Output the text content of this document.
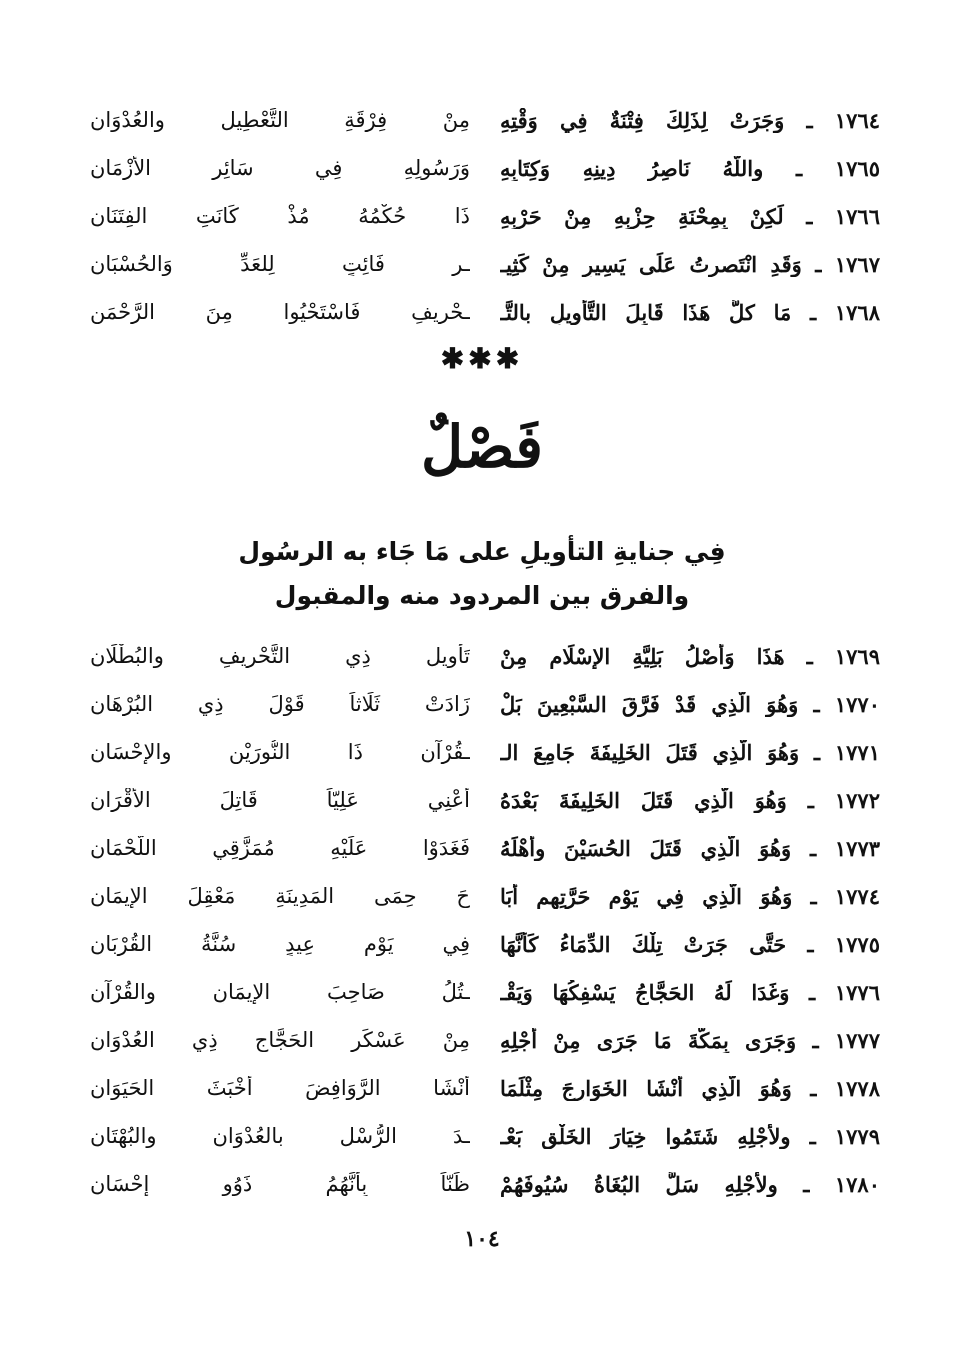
١٧٦٤ ـ وَجَرَتْ لِذَلِكَ فِتْنَةٌ فِي وَقْتِهِ
مِنْ فِرْقَةِ التَّعْطِيلِ والعُدْوَانِ
١٧٦٥ ـ واللَّهُ نَاصِرُ دِينِهِ وَكِتَابِهِ
وَرَسُولِهِ فِي سَائِرِ الأَزْمَانِ
١٧٦٦ ـ لَكِنْ بِمِحْنَةِ حِزْبِهِ مِنْ حَرْبِهِ
ذَا حُكْمُهُ مُذْ كَانَتِ الفِتَنَانِ
١٧٦٧ ـ وَقَدِ انْتَصرتُ عَلَى يَسِيرٍ مِنْ كَثِيـ
ـرِ فَائِتٍ لِلعَدِّ وَالحُسْبَانِ
١٧٦٨ ـ مَا كلُّ هَذَا قَابِلَ التَّأْوِيلِ بالتَّـ
ـحْرِيفِ فَاسْتَحْيُوا مِنَ الرَّحْمَنِ
✱✱✱
فَصْلٌ
فِي جنايةِ التأويلِ على مَا جَاء به الرسُول
والفرق بين المردود منه والمقبول
١٧٦٩ ـ هَذَا وَأَصْلُ بَلِيَّةِ الإِسْلَامِ مِنْ
تَأْوِيلِ ذِي التَّحْرِيفِ والبُطْلَانِ
١٧٧٠ ـ وَهُوَ الَّذِي قَدْ فَرَّقَ السَّبْعِينَ بَلْ
زَادَتْ ثَلَاثاً قَوْلَ ذِي البُرْهَانِ
١٧٧١ ـ وَهُوَ الَّذِي قَتَلَ الخَلِيفَةَ جَامِعَ الـ
ـقُرْآنِ ذَا النُّورَيْنِ والإِحْسَانِ
١٧٧٢ ـ وَهُوَ الَّذِي قَتَلَ الخَلِيفَةَ بَعْدَهُ
أَعْنِي عَلِيّاً قَاتِلَ الأَقْرَانِ
١٧٧٣ ـ وَهُوَ الَّذِي قَتَلَ الحُسَيْنَ وأَهْلَهُ
فَغَدَوْا عَلَيْهِ مُمَزَّقِي اللُّحْمَانِ
١٧٧٤ ـ وَهُوَ الَّذِي فِي يَوْمِ حَرَّتِهِم أَبَا
حَ حِمَى المَدِينَةِ مَعْقِلَ الإِيمَانِ
١٧٧٥ ـ حَتَّى جَرَتْ تِلْكَ الدِّمَاءُ كَأَنَّهَا
فِي يَوْمِ عِيدٍ سُنَّةُ القُرْبَانِ
١٧٧٦ ـ وَغَدَا لَهُ الحَجَّاجُ يَسْفِكُهَا وَيَقْـ
ـتُلُ صَاحِبَ الإِيمَانِ والقُرْآنِ
١٧٧٧ ـ وَجَرَى بِمَكَّةَ مَا جَرَى مِنْ أَجْلِهِ
مِنْ عَسْكَرِ الحَجَّاجِ ذِي العُدْوَانِ
١٧٧٨ ـ وَهُوَ الَّذِي أَنْشَا الخَوَارِجَ مِثْلَمَا
أَنْشَا الرَّوَافِضَ أَخْبَثَ الحَيَوَانِ
١٧٧٩ ـ ولأَجْلِهِ شَتَمُوا خِيَارَ الخَلْقِ بَعْـ
ـدَ الرُّسْلِ بالعُدْوَانِ والبُهْتَانِ
١٧٨٠ ـ ولأَجْلِهِ سَلَّ البُغَاةُ سُيُوفَهُمْ
ظَنّاً بِأَنَّهُمُ ذَوُو إِحْسَانِ
١٠٤
